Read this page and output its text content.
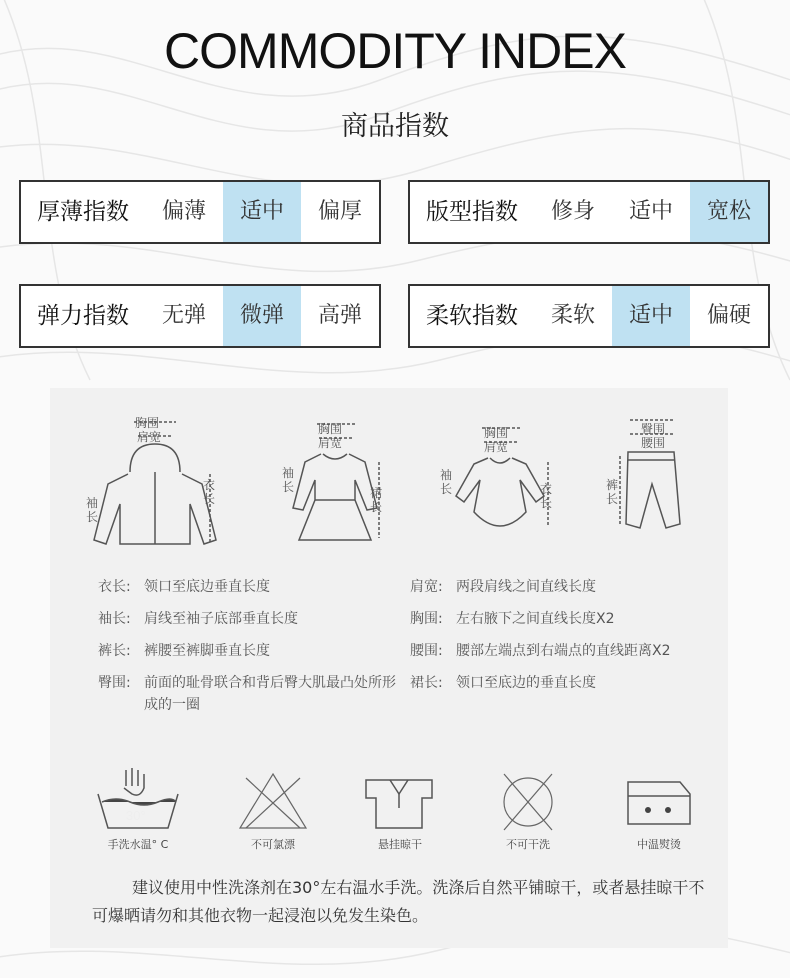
COMMODITY INDEX
商品指数
厚薄指数	偏薄	适中	偏厚	版型指数	修身	适中	宽松
弹力指数	无弹	微弹	高弹	柔软指数	柔软	适中	偏硬
胸围
肩宽
衣长
袖长
胸围
肩宽
裙长
袖长
胸围
肩宽
衣长
袖长
臀围
腰围
裤长
衣长: 领口至底边垂直长度	肩宽: 两段肩线之间直线长度
袖长: 肩线至袖子底部垂直长度	胸围: 左右腋下之间直线长度X2
裤长: 裤腰至裤脚垂直长度	腰围: 腰部左端点到右端点的直线距离X2
臀围: 前面的耻骨联合和背后臀大肌最凸处所形成的一圈
裙长: 领口至底边的垂直长度
30°
手洗水温° C	不可氯漂	悬挂晾干	不可干洗	中温熨烫
建议使用中性洗涤剂在30°左右温水手洗。洗涤后自然平铺晾干，或者悬挂晾干不可爆晒请勿和其他衣物一起浸泡以免发生染色。
